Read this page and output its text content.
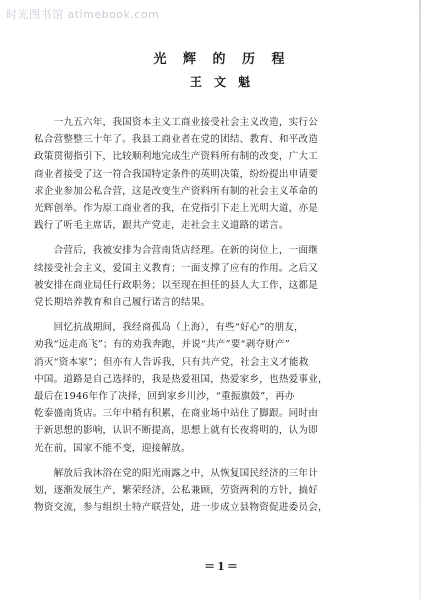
时光图书馆 atimebook.com
光 辉 的 历 程
王 文 魁

　　一九五六年，我国资本主义工商业接受社会主义改造，实行公
私合营整整三十年了。我县工商业者在党的团结、教育、和平改造
政策贯彻指引下，比较顺利地完成生产资料所有制的改变，广大工
商业者接受了这一符合我国特定条件的英明决策，纷纷提出申请要
求企业参加公私合营，这是改变生产资料所有制的社会主义革命的
光辉创举。作为原工商业者的我，在党指引下走上光明大道，亦是
践行了听毛主席话，跟共产党走，走社会主义道路的诺言。

　　合营后，我被安排为合营南货店经理。在新的岗位上，一面继
续接受社会主义，爱国主义教育；一面支撑了应有的作用。之后又
被安排在商业局任行政职务；以至现在担任的县人大工作，这都是
党长期培养教育和自己履行诺言的结果。

　　回忆抗战期间，我经商孤岛（上海），有些“好心”的朋友，
劝我“远走高飞”；有的劝我奔跑，并说“共产”要“剥夺财产”
消灭“资本家”；但亦有人告诉我，只有共产党，社会主义才能救
中国。道路是自己选择的，我是热爱祖国，热爱家乡，也热爱事业，
最后在1946年作了决择，回到家乡川沙，“重振旗鼓”，再办
乾泰盛南货店。三年中稍有积累，在商业场中站住了脚跟。同时由
于新思想的影响，认识不断提高，思想上就有长夜将明的，认为即
光在前，国家不能不变，迎接解放。

　　解放后我沐浴在党的阳光雨露之中，从恢复国民经济的三年计
划，逐渐发展生产，繁荣经济，公私兼顾，劳资两利的方针，搞好
物资交流，参与组织土特产联营处，进一步成立县物资促进委员会，

＝1＝
